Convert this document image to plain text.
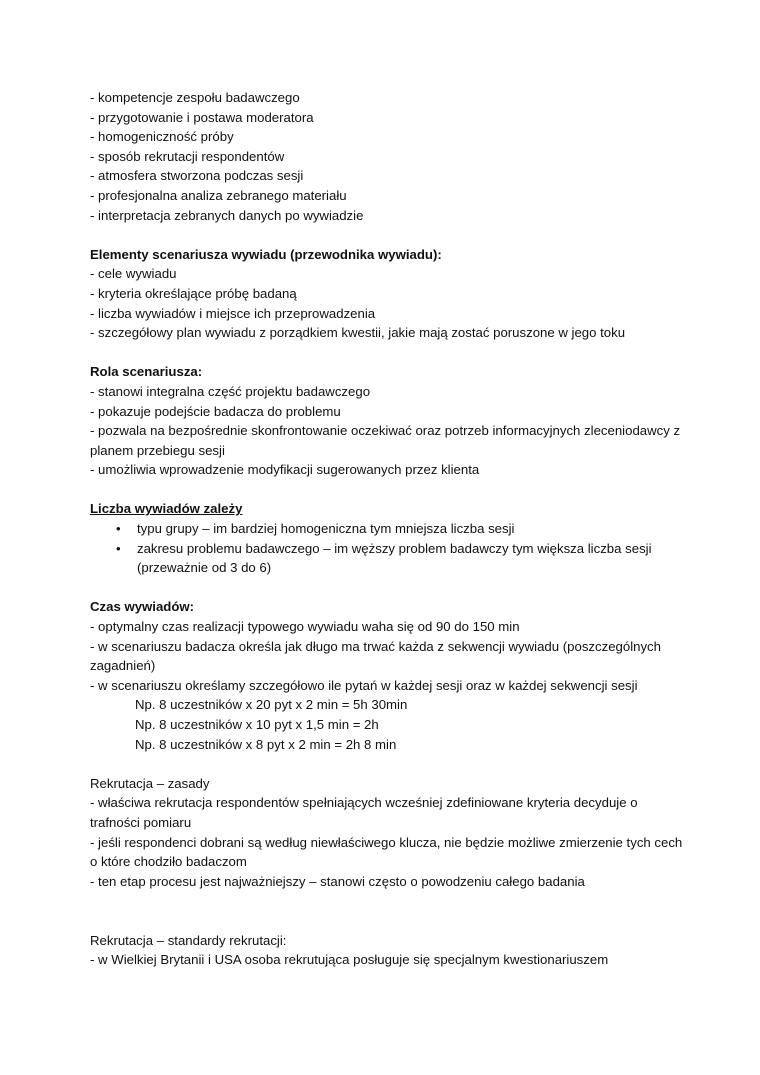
- kompetencje zespołu badawczego
- przygotowanie i postawa moderatora
- homogeniczność próby
- sposób rekrutacji respondentów
- atmosfera stworzona podczas sesji
- profesjonalna analiza zebranego materiału
- interpretacja zebranych danych po wywiadzie
Elementy scenariusza wywiadu (przewodnika wywiadu):
- cele wywiadu
- kryteria określające próbę badaną
- liczba wywiadów i miejsce ich przeprowadzenia
- szczegółowy plan wywiadu z porządkiem kwestii, jakie mają zostać poruszone w jego toku
Rola scenariusza:
- stanowi integralna część projektu badawczego
- pokazuje podejście badacza do problemu
- pozwala na bezpośrednie skonfrontowanie oczekiwać oraz potrzeb informacyjnych zleceniodawcy z
planem przebiegu sesji
- umożliwia wprowadzenie modyfikacji sugerowanych przez klienta
Liczba wywiadów zależy
• typu grupy – im bardziej homogeniczna tym mniejsza liczba sesji
• zakresu problemu badawczego – im węższy problem badawczy tym większa liczba sesji (przeważnie od 3 do 6)
Czas wywiadów:
- optymalny czas realizacji typowego wywiadu waha się od 90 do 150 min
- w scenariuszu badacza określa jak długo ma trwać każda z sekwencji wywiadu (poszczególnych
zagadnień)
- w scenariuszu określamy szczegółowo ile pytań w każdej sesji oraz w każdej sekwencji sesji
Np. 8 uczestników x 20 pyt x 2 min = 5h 30min
Np. 8 uczestników x 10 pyt x 1,5 min = 2h
Np. 8 uczestników x 8 pyt x 2 min = 2h 8 min
Rekrutacja – zasady
- właściwa rekrutacja respondentów spełniających wcześniej zdefiniowane kryteria decyduje o
trafności pomiaru
- jeśli respondenci dobrani są według niewłaściwego klucza, nie będzie możliwe zmierzenie tych cech
o które chodziło badaczom
- ten etap procesu jest najważniejszy – stanowi często o powodzeniu całego badania
Rekrutacja – standardy rekrutacji:
- w Wielkiej Brytanii i USA osoba rekrutująca posługuje się specjalnym kwestionariuszem
